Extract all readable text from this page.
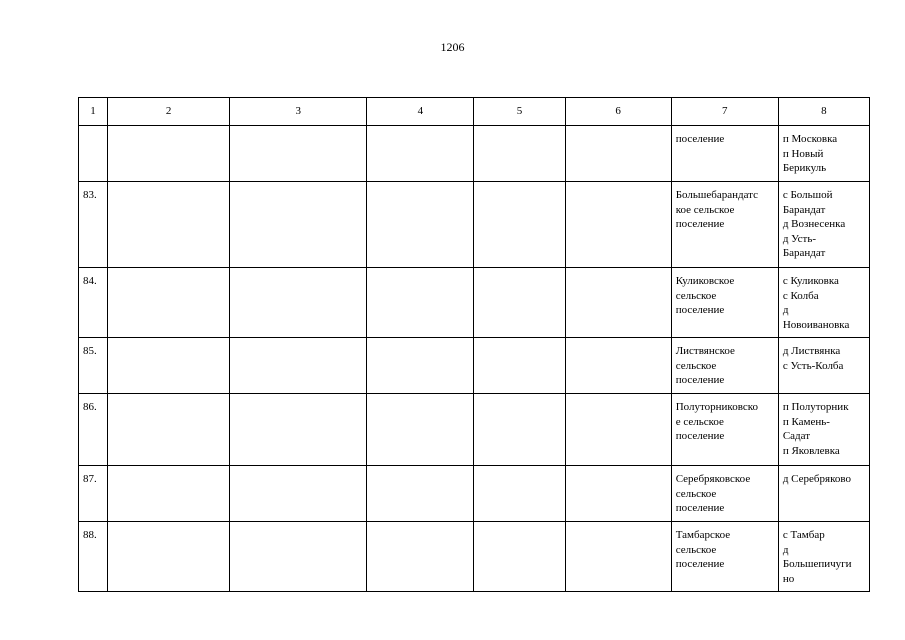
1206
1	2	3	4	5	6	7	8

						поселение	п Московка
п Новый
Берикуль

83.						Большебарандатс
кое сельское
поселение	с Большой
Барандат
д Вознесенка
д Усть-
Барандат

84.						Куликовское
сельское
поселение	с Куликовка
с Колба
д
Новоивановка

85.						Листвянское
сельское
поселение	д Листвянка
с Усть-Колба

86.						Полуторниковско
е сельское
поселение	п Полуторник
п Камень-
Садат
п Яковлевка

87.						Серебряковское
сельское
поселение	д Серебряково

88.						Тамбарское
сельское
поселение	с Тамбар
д
Большепичуги
но
